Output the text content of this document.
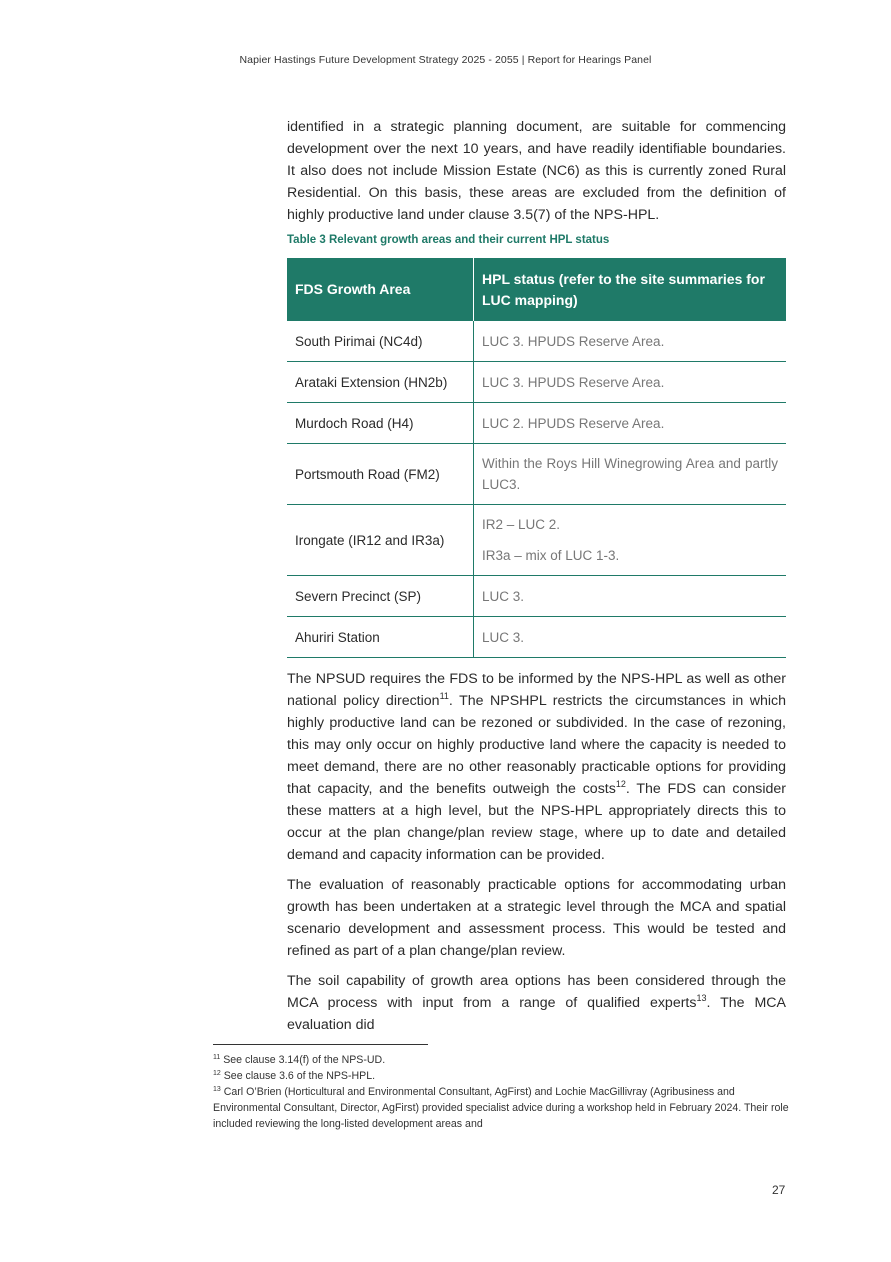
Napier Hastings Future Development Strategy 2025 - 2055 | Report for Hearings Panel

identified in a strategic planning document, are suitable for commencing development over the next 10 years, and have readily identifiable boundaries. It also does not include Mission Estate (NC6) as this is currently zoned Rural Residential. On this basis, these areas are excluded from the definition of highly productive land under clause 3.5(7) of the NPS-HPL.

Table 3 Relevant growth areas and their current HPL status
FDS Growth Area	HPL status (refer to the site summaries for LUC mapping)
South Pirimai (NC4d)	LUC 3. HPUDS Reserve Area.
Arataki Extension (HN2b)	LUC 3. HPUDS Reserve Area.
Murdoch Road (H4)	LUC 2. HPUDS Reserve Area.
Portsmouth Road (FM2)	Within the Roys Hill Winegrowing Area and partly LUC3.
Irongate (IR12 and IR3a)	IR2 – LUC 2.
IR3a – mix of LUC 1-3.

Severn Precinct (SP)	LUC 3.
Ahuriri Station	LUC 3.

The NPSUD requires the FDS to be informed by the NPS-HPL as well as other national policy direction$^{11}$. The NPSHPL restricts the circumstances in which highly productive land can be rezoned or subdivided. In the case of rezoning, this may only occur on highly productive land where the capacity is needed to meet demand, there are no other reasonably practicable options for providing that capacity, and the benefits outweigh the costs$^{12}$. The FDS can consider these matters at a high level, but the NPS-HPL appropriately directs this to occur at the plan change/plan review stage, where up to date and detailed demand and capacity information can be provided.

The evaluation of reasonably practicable options for accommodating urban growth has been undertaken at a strategic level through the MCA and spatial scenario development and assessment process. This would be tested and refined as part of a plan change/plan review.

The soil capability of growth area options has been considered through the MCA process with input from a range of qualified experts$^{13}$. The MCA evaluation did

$^{11}$ See clause 3.14(f) of the NPS-UD.
$^{12}$ See clause 3.6 of the NPS-HPL.
$^{13}$ Carl O’Brien (Horticultural and Environmental Consultant, AgFirst) and Lochie MacGillivray (Agribusiness and Environmental Consultant, Director, AgFirst) provided specialist advice during a workshop held in February 2024. Their role included reviewing the long-listed development areas and
27
